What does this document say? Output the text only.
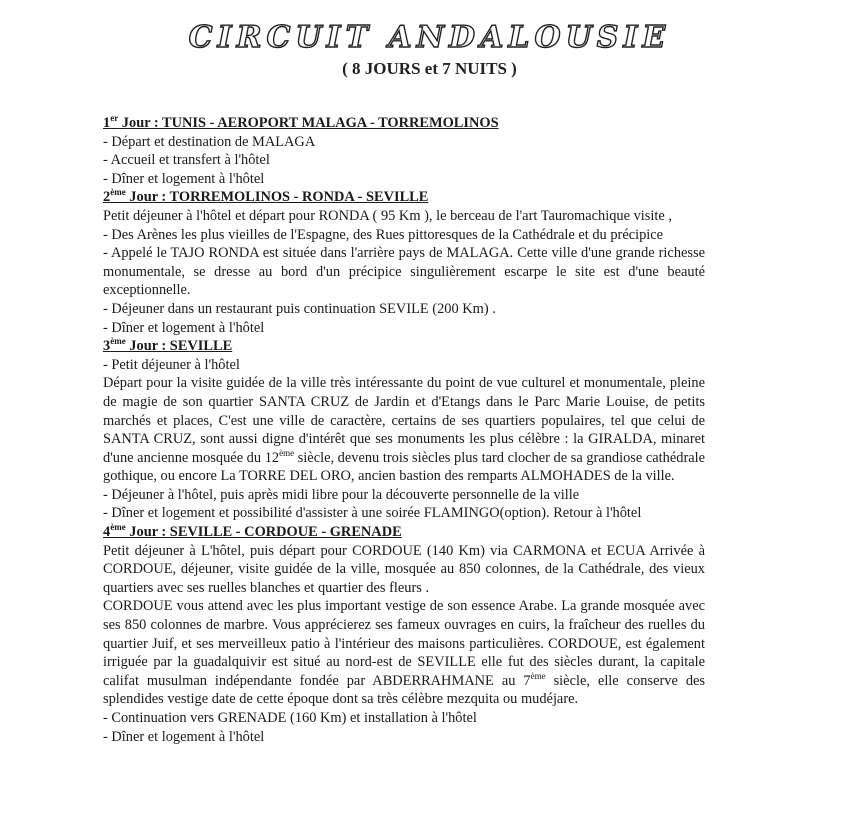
CIRCUIT ANDALOUSIE
( 8 JOURS et 7 NUITS )
1er Jour : TUNIS - AEROPORT MALAGA - TORREMOLINOS
- Départ et destination de MALAGA
- Accueil et transfert à l'hôtel
- Dîner et logement à l'hôtel
2ème Jour : TORREMOLINOS - RONDA - SEVILLE
Petit déjeuner à l'hôtel et départ pour RONDA ( 95 Km ), le berceau de l'art Tauromachique visite ,
- Des Arènes les plus vieilles de l'Espagne, des Rues pittoresques de la Cathédrale et du précipice
- Appelé le TAJO RONDA est située dans l'arrière pays de MALAGA. Cette ville d'une grande richesse monumentale, se dresse au bord d'un précipice singulièrement escarpe le site est d'une beauté exceptionnelle.
- Déjeuner dans un restaurant puis continuation SEVILE (200 Km) .
- Dîner et logement à l'hôtel
3ème Jour : SEVILLE
- Petit déjeuner à l'hôtel
Départ pour la visite guidée de la ville très intéressante du point de vue culturel et monumentale, pleine de magie de son quartier SANTA CRUZ de Jardin et d'Etangs dans le Parc Marie Louise, de petits marchés et places, C'est une ville de caractère, certains de ses quartiers populaires, tel que celui de SANTA CRUZ, sont aussi digne d'intérêt que ses monuments les plus célèbre : la GIRALDA, minaret d'une ancienne mosquée du 12ème siècle, devenu trois siècles plus tard clocher de sa grandiose cathédrale gothique, ou encore La TORRE DEL ORO, ancien bastion des remparts ALMOHADES de la ville.
- Déjeuner à l'hôtel, puis après midi libre pour la découverte personnelle de la ville
- Dîner et logement et possibilité d'assister à une soirée FLAMINGO(option). Retour à l'hôtel
4ème Jour : SEVILLE - CORDOUE - GRENADE
Petit déjeuner à L'hôtel, puis départ pour CORDOUE (140 Km) via CARMONA et ECUA Arrivée à CORDOUE, déjeuner, visite guidée de la ville, mosquée au 850 colonnes, de la Cathédrale, des vieux quartiers avec ses ruelles blanches et quartier des fleurs .
CORDOUE vous attend avec les plus important vestige de son essence Arabe. La grande mosquée avec ses 850 colonnes de marbre. Vous apprécierez ses fameux ouvrages en cuirs, la fraîcheur des ruelles du quartier Juif, et ses merveilleux patio à l'intérieur des maisons particulières. CORDOUE, est également irriguée par la guadalquivir est situé au nord-est de SEVILLE elle fut des siècles durant, la capitale califat musulman indépendante fondée par ABDERRAHMANE au 7ème siècle, elle conserve des splendides vestige date de cette époque dont sa très célèbre mezquita ou mudéjare.
- Continuation vers GRENADE (160 Km) et installation à l'hôtel
- Dîner et logement à l'hôtel
